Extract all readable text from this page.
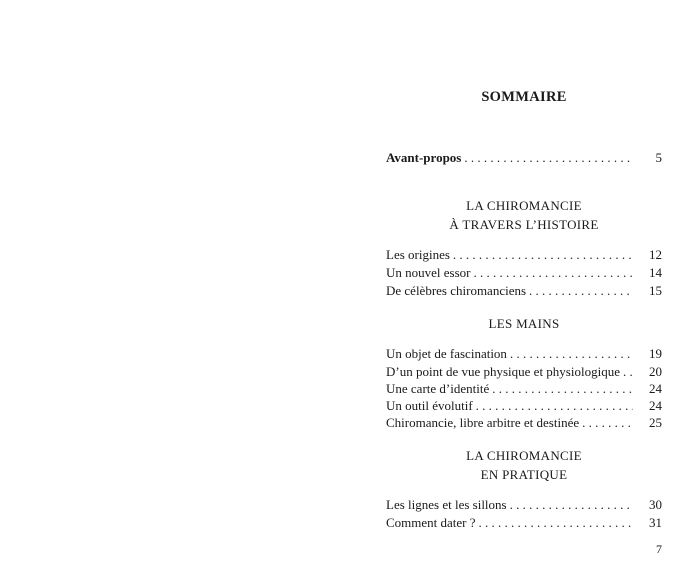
SOMMAIRE
Avant-propos . . .	5
LA CHIROMANCIE
À TRAVERS L’HISTOIRE
Les origines . . .	12
Un nouvel essor . . .	14
De célèbres chiromanciens . . .	15
LES MAINS
Un objet de fascination . . .	19
D’un point de vue physique et physiologique . . .	20
Une carte d’identité . . .	24
Un outil évolutif . . .	24
Chiromancie, libre arbitre et destinée . . .	25
LA CHIROMANCIE
EN PRATIQUE
Les lignes et les sillons . . .	30
Comment dater ? . . .	31
7
